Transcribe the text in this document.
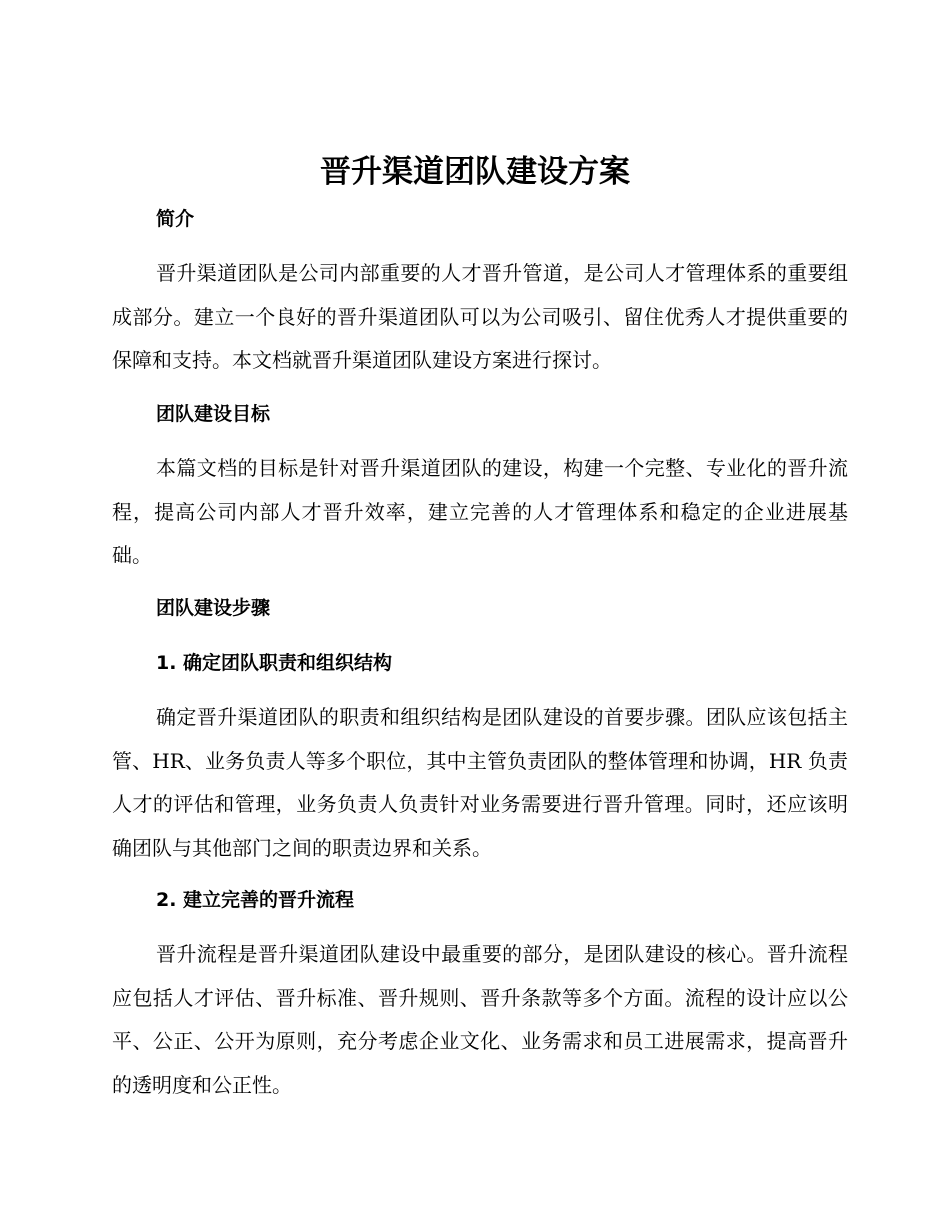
晋升渠道团队建设方案
简介

晋升渠道团队是公司内部重要的人才晋升管道，是公司人才管理体系的重要组成部分。建立一个良好的晋升渠道团队可以为公司吸引、留住优秀人才提供重要的保障和支持。本文档就晋升渠道团队建设方案进行探讨。

团队建设目标

本篇文档的目标是针对晋升渠道团队的建设，构建一个完整、专业化的晋升流程，提高公司内部人才晋升效率，建立完善的人才管理体系和稳定的企业进展基础。

团队建设步骤
1. 确定团队职责和组织结构

确定晋升渠道团队的职责和组织结构是团队建设的首要步骤。团队应该包括主管、HR、业务负责人等多个职位，其中主管负责团队的整体管理和协调，HR 负责人才的评估和管理，业务负责人负责针对业务需要进行晋升管理。同时，还应该明确团队与其他部门之间的职责边界和关系。

2. 建立完善的晋升流程

晋升流程是晋升渠道团队建设中最重要的部分，是团队建设的核心。晋升流程应包括人才评估、晋升标准、晋升规则、晋升条款等多个方面。流程的设计应以公平、公正、公开为原则，充分考虑企业文化、业务需求和员工进展需求，提高晋升的透明度和公正性。
